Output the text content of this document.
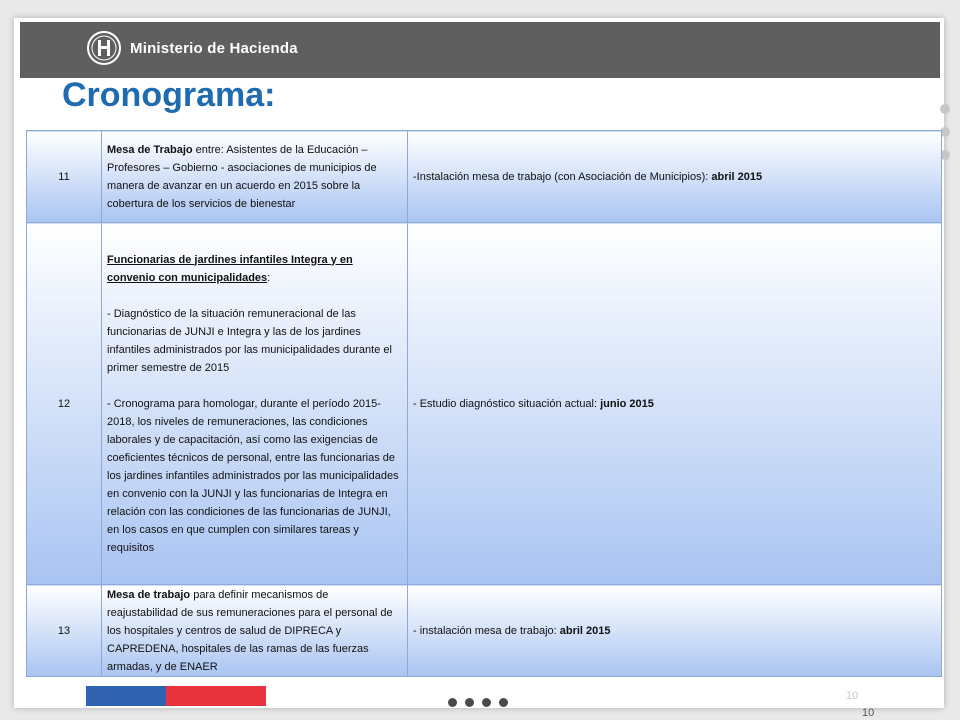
Ministerio de Hacienda
Cronograma:
11	Mesa de Trabajo entre: Asistentes de la Educación – Profesores – Gobierno - asociaciones de municipios de manera de avanzar en un acuerdo en 2015 sobre la cobertura de los servicios de bienestar	-Instalación mesa de trabajo (con Asociación de Municipios): abril 2015
12	Funcionarias de jardines infantiles Integra y en convenio con municipalidades:

- Diagnóstico de la situación remuneracional de las funcionarias de JUNJI e Integra y las de los jardines infantiles administrados por las municipalidades durante el primer semestre de 2015

- Cronograma para homologar, durante el período 2015-2018, los niveles de remuneraciones, las condiciones laborales y de capacitación, así como las exigencias de coeficientes técnicos de personal, entre las funcionarias de los jardines infantiles administrados por las municipalidades en convenio con la JUNJI y las funcionarias de Integra en relación con las condiciones de las funcionarias de JUNJI, en los casos en que cumplen con similares tareas y requisitos	- Estudio diagnóstico situación actual: junio 2015
13	Mesa de trabajo para definir mecanismos de reajustabilidad de sus remuneraciones para el personal de los hospitales y centros de salud de DIPRECA y CAPREDENA, hospitales de las ramas de las fuerzas armadas, y de ENAER	- instalación mesa de trabajo: abril 2015
10
10
